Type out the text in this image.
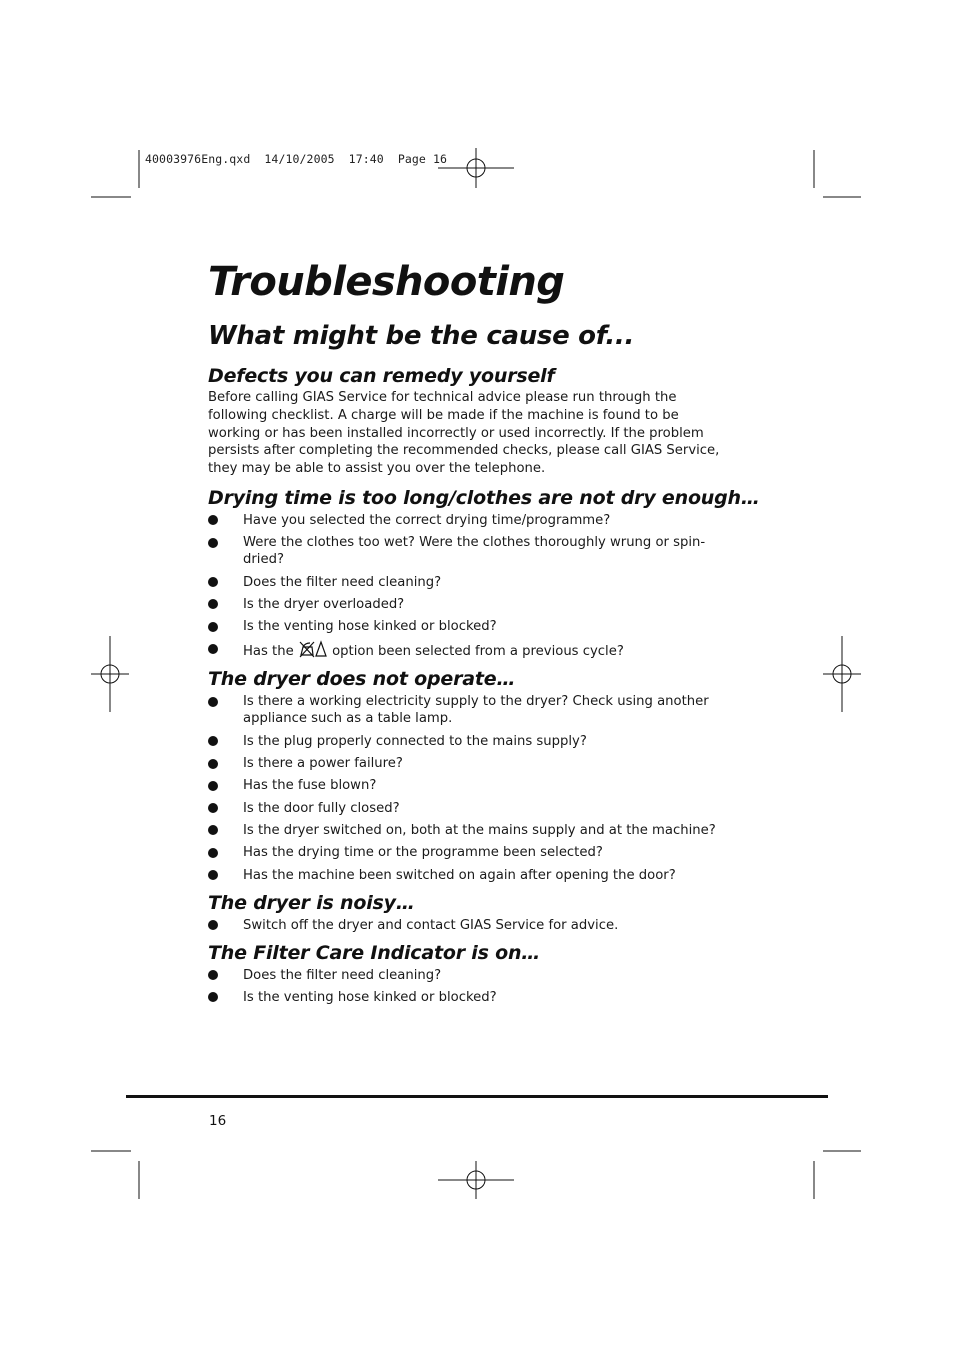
40003976Eng.qxd  14/10/2005  17:40  Page 16
Troubleshooting
What might be the cause of...
Defects you can remedy yourself

Before calling GIAS Service for technical advice please run through the following checklist. A charge will be made if the machine is found to be working or has been installed incorrectly or used incorrectly. If the problem persists after completing the recommended checks, please call GIAS Service, they may be able to assist you over the telephone.

Drying time is too long/clothes are not dry enough…
Have you selected the correct drying time/programme?
Were the clothes too wet? Were the clothes thoroughly wrung or spin-dried?
Does the filter need cleaning?
Is the dryer overloaded?
Is the venting hose kinked or blocked?
Has the	option been selected from a previous cycle?
The dryer does not operate…
Is there a working electricity supply to the dryer? Check using another appliance such as a table lamp.
Is the plug properly connected to the mains supply?
Is there a power failure?
Has the fuse blown?
Is the door fully closed?
Is the dryer switched on, both at the mains supply and at the machine?
Has the drying time or the programme been selected?
Has the machine been switched on again after opening the door?
The dryer is noisy…
Switch off the dryer and contact GIAS Service for advice.
The Filter Care Indicator is on…
Does the filter need cleaning?
Is the venting hose kinked or blocked?
16
